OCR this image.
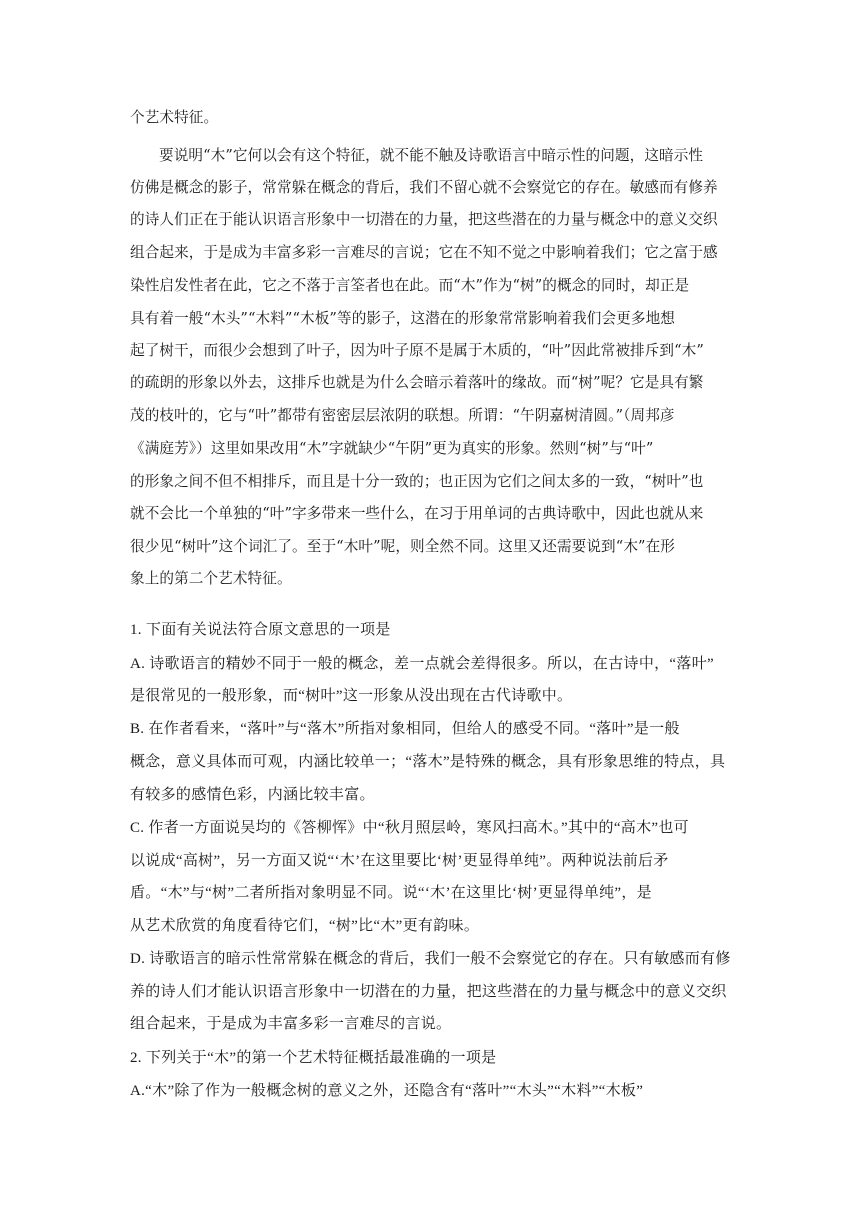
个艺术特征。
要说明“木”它何以会有这个特征，就不能不触及诗歌语言中暗示性的问题，这暗示性
仿佛是概念的影子，常常躲在概念的背后，我们不留心就不会察觉它的存在。敏感而有修养
的诗人们正在于能认识语言形象中一切潜在的力量，把这些潜在的力量与概念中的意义交织
组合起来，于是成为丰富多彩一言难尽的言说；它在不知不觉之中影响着我们；它之富于感
染性启发性者在此，它之不落于言筌者也在此。而“木”作为“树”的概念的同时，却正是
具有着一般“木头”“木料”“木板”等的影子，这潜在的形象常常影响着我们会更多地想
起了树干，而很少会想到了叶子，因为叶子原不是属于木质的，“叶”因此常被排斥到“木”
的疏朗的形象以外去，这排斥也就是为什么会暗示着落叶的缘故。而“树”呢？它是具有繁
茂的枝叶的，它与“叶”都带有密密层层浓阴的联想。所谓：“午阴嘉树清圆。”（周邦彦
《满庭芳》）这里如果改用“木”字就缺少“午阴”更为真实的形象。然则“树”与“叶”
的形象之间不但不相排斥，而且是十分一致的；也正因为它们之间太多的一致，“树叶”也
就不会比一个单独的“叶”字多带来一些什么，在习于用单词的古典诗歌中，因此也就从来
很少见“树叶”这个词汇了。至于“木叶”呢，则全然不同。这里又还需要说到“木”在形
象上的第二个艺术特征。
1. 下面有关说法符合原文意思的一项是
A. 诗歌语言的精妙不同于一般的概念，差一点就会差得很多。所以，在古诗中，“落叶”
是很常见的一般形象，而“树叶”这一形象从没出现在古代诗歌中。
B. 在作者看来，“落叶”与“落木”所指对象相同，但给人的感受不同。“落叶”是一般
概念，意义具体而可观，内涵比较单一；“落木”是特殊的概念，具有形象思维的特点，具
有较多的感情色彩，内涵比较丰富。
C. 作者一方面说吴均的《答柳恽》中“秋月照层岭，寒风扫高木。”其中的“高木”也可
以说成“高树”，另一方面又说“‘木’在这里要比‘树’更显得单纯”。两种说法前后矛
盾。“木”与“树”二者所指对象明显不同。说“‘木’在这里比‘树’更显得单纯”，是
从艺术欣赏的角度看待它们，“树”比“木”更有韵味。
D. 诗歌语言的暗示性常常躲在概念的背后，我们一般不会察觉它的存在。只有敏感而有修
养的诗人们才能认识语言形象中一切潜在的力量，把这些潜在的力量与概念中的意义交织
组合起来，于是成为丰富多彩一言难尽的言说。
2. 下列关于“木”的第一个艺术特征概括最准确的一项是
A.“木”除了作为一般概念树的意义之外，还隐含有“落叶”“木头”“木料”“木板”
